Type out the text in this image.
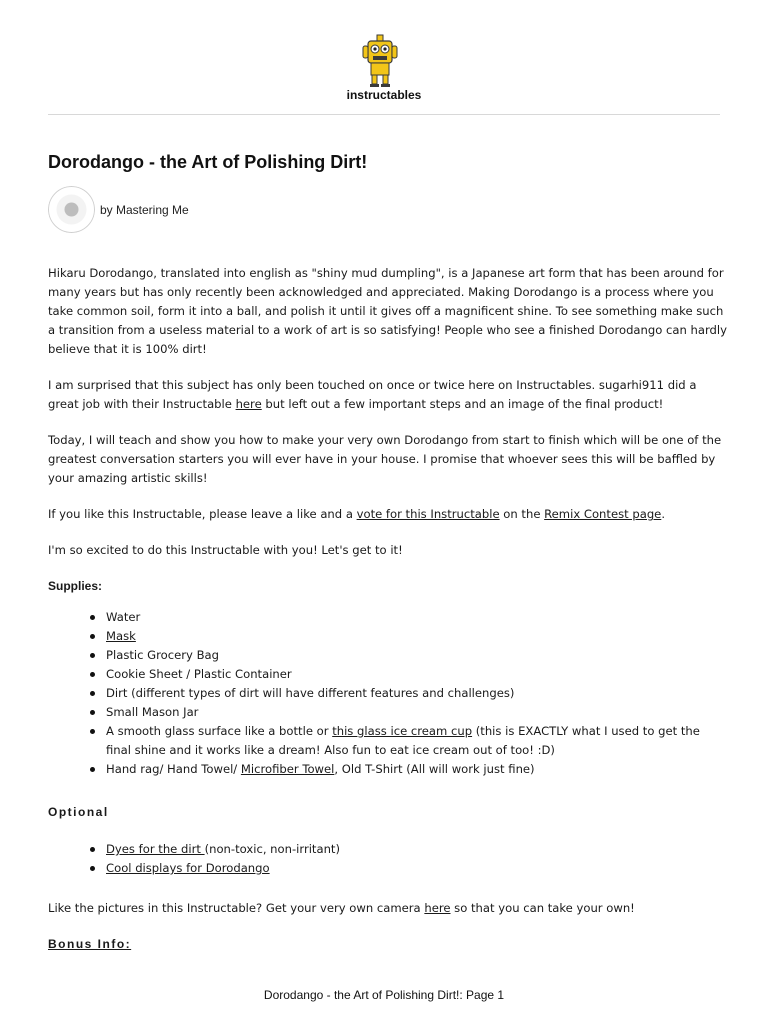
instructables
Dorodango - the Art of Polishing Dirt!
by Mastering Me

Hikaru Dorodango, translated into english as "shiny mud dumpling", is a Japanese art form that has been around for many years but has only recently been acknowledged and appreciated. Making Dorodango is a process where you take common soil, form it into a ball, and polish it until it gives off a magnificent shine. To see something make such a transition from a useless material to a work of art is so satisfying! People who see a finished Dorodango can hardly believe that it is 100% dirt!

I am surprised that this subject has only been touched on once or twice here on Instructables. sugarhi911 did a great job with their Instructable here but left out a few important steps and an image of the final product!

Today, I will teach and show you how to make your very own Dorodango from start to finish which will be one of the greatest conversation starters you will ever have in your house. I promise that whoever sees this will be baffled by your amazing artistic skills!

If you like this Instructable, please leave a like and a vote for this Instructable on the Remix Contest page.

I'm so excited to do this Instructable with you! Let's get to it!

Supplies:
Water
Mask
Plastic Grocery Bag
Cookie Sheet / Plastic Container
Dirt (different types of dirt will have different features and challenges)
Small Mason Jar
A smooth glass surface like a bottle or this glass ice cream cup (this is EXACTLY what I used to get the final shine and it works like a dream! Also fun to eat ice cream out of too! :D)
Hand rag/ Hand Towel/ Microfiber Towel, Old T-Shirt (All will work just fine)
Optional
Dyes for the dirt (non-toxic, non-irritant)
Cool displays for Dorodango

Like the pictures in this Instructable? Get your very own camera here so that you can take your own!

Bonus Info:
Dorodango - the Art of Polishing Dirt!: Page 1
